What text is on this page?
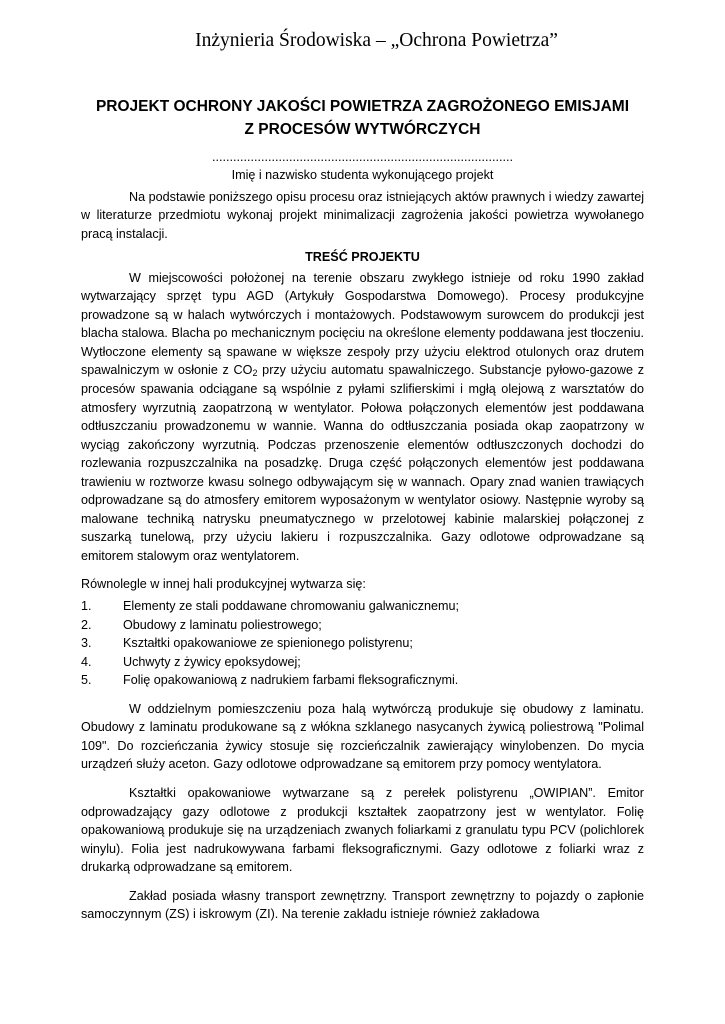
Inżynieria Środowiska – „Ochrona Powietrza”
PROJEKT OCHRONY JAKOŚCI POWIETRZA ZAGROŻONEGO EMISJAMI
Z PROCESÓW WYTWÓRCZYCH
......................................................................................
Imię i nazwisko studenta wykonującego projekt

Na podstawie poniższego opisu procesu oraz istniejących aktów prawnych i wiedzy zawartej w literaturze przedmiotu wykonaj projekt minimalizacji zagrożenia jakości powietrza wywołanego pracą instalacji.

TREŚĆ PROJEKTU

W miejscowości położonej na terenie obszaru zwykłego istnieje od roku 1990 zakład wytwarzający sprzęt typu AGD (Artykuły Gospodarstwa Domowego). Procesy produkcyjne prowadzone są w halach wytwórczych i montażowych. Podstawowym surowcem do produkcji jest blacha stalowa. Blacha po mechanicznym pocięciu na określone elementy poddawana jest tłoczeniu. Wytłoczone elementy są spawane w większe zespoły przy użyciu elektrod otulonych oraz drutem spawalniczym w osłonie z $CO_2$ przy użyciu automatu spawalniczego. Substancje pyłowo-gazowe z procesów spawania odciągane są wspólnie z pyłami szlifierskimi i mgłą olejową z warsztatów do atmosfery wyrzutnią zaopatrzoną w wentylator. Połowa połączonych elementów jest poddawana odtłuszczaniu prowadzonemu w wannie. Wanna do odtłuszczania posiada okap zaopatrzony w wyciąg zakończony wyrzutnią. Podczas przenoszenie elementów odtłuszczonych dochodzi do rozlewania rozpuszczalnika na posadzkę. Druga część połączonych elementów jest poddawana trawieniu w roztworze kwasu solnego odbywającym się w wannach. Opary znad wanien trawiących odprowadzane są do atmosfery emitorem wyposażonym w wentylator osiowy. Następnie wyroby są malowane techniką natrysku pneumatycznego w przelotowej kabinie malarskiej połączonej z suszarką tunelową, przy użyciu lakieru i rozpuszczalnika. Gazy odlotowe odprowadzane są emitorem stalowym oraz wentylatorem.

Równolegle w innej hali produkcyjnej wytwarza się:

1.	Elementy ze stali poddawane chromowaniu galwanicznemu;
2.	Obudowy z laminatu poliestrowego;
3.	Kształtki opakowaniowe ze spienionego polistyrenu;
4.	Uchwyty z żywicy epoksydowej;
5.	Folię opakowaniową z nadrukiem farbami fleksograficznymi.

W oddzielnym pomieszczeniu poza halą wytwórczą produkuje się obudowy z laminatu. Obudowy z laminatu produkowane są z włókna szklanego nasycanych żywicą poliestrową "Polimal 109". Do rozcieńczania żywicy stosuje się rozcieńczalnik zawierający winylobenzen. Do mycia urządzeń służy aceton. Gazy odlotowe odprowadzane są emitorem przy pomocy wentylatora.

Kształtki opakowaniowe wytwarzane są z perełek polistyrenu „OWIPIAN”. Emitor odprowadzający gazy odlotowe z produkcji kształtek zaopatrzony jest w wentylator. Folię opakowaniową produkuje się na urządzeniach zwanych foliarkami z granulatu typu PCV (polichlorek winylu). Folia jest nadrukowywana farbami fleksograficznymi. Gazy odlotowe z foliarki wraz z drukarką odprowadzane są emitorem.

Zakład posiada własny transport zewnętrzny. Transport zewnętrzny to pojazdy o zapłonie samoczynnym (ZS) i iskrowym (ZI). Na terenie zakładu istnieje również zakładowa
